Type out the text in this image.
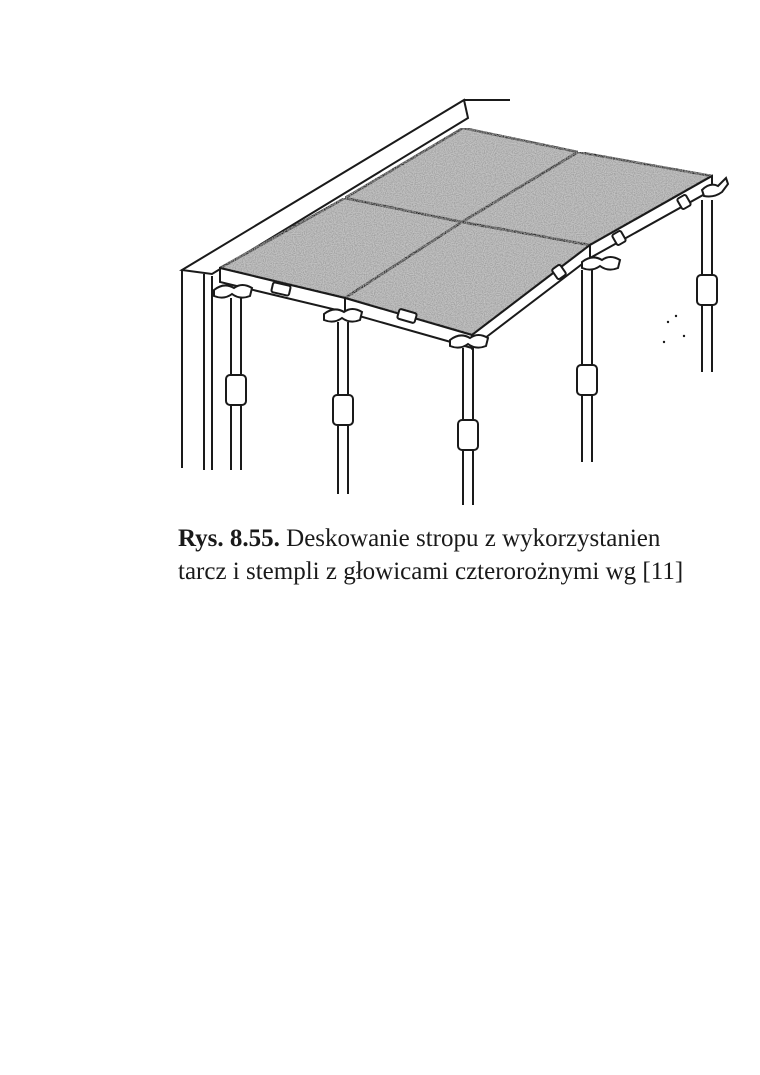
Rys. 8.55. Deskowanie stropu z wykorzystanien
tarcz i stempli z głowicami czterorożnymi wg [11]
